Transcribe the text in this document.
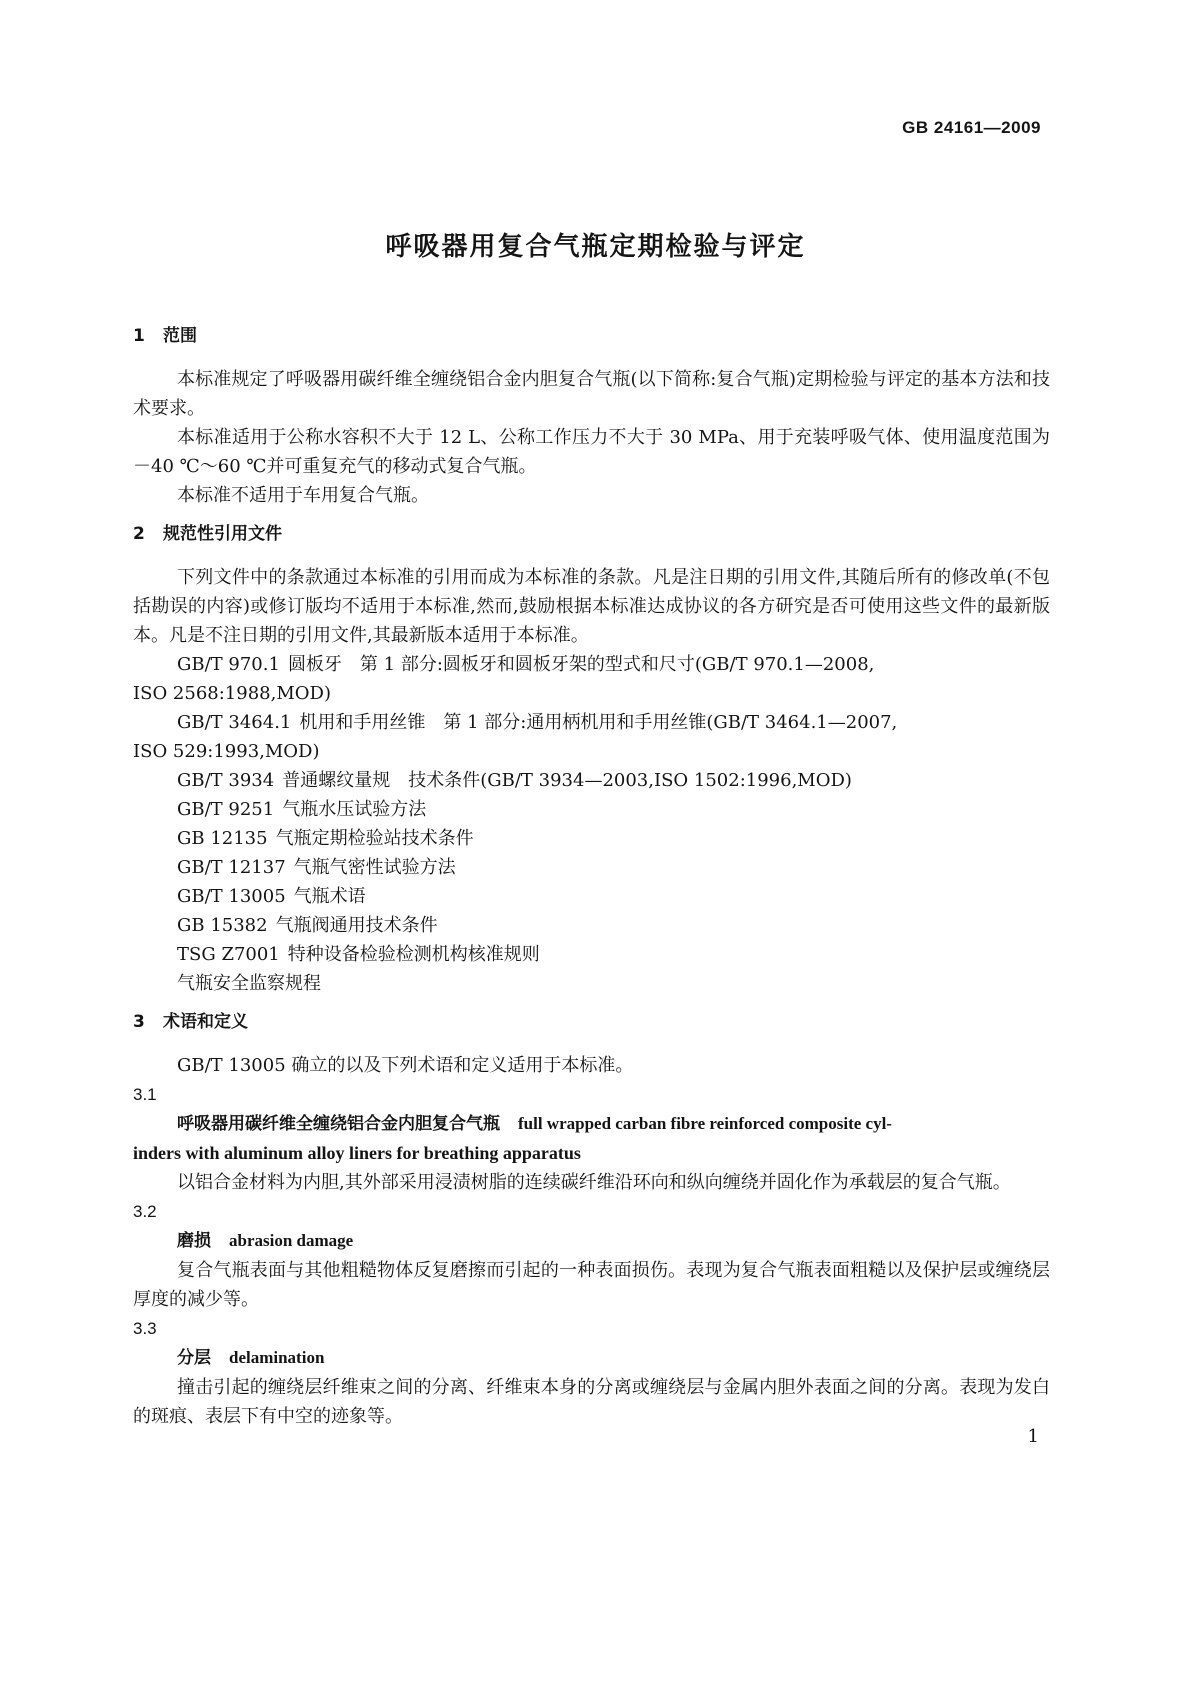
GB 24161—2009
呼吸器用复合气瓶定期检验与评定
1 范围

本标准规定了呼吸器用碳纤维全缠绕铝合金内胆复合气瓶(以下简称:复合气瓶)定期检验与评定的基本方法和技术要求。

本标准适用于公称水容积不大于 12 L、公称工作压力不大于 30 MPa、用于充装呼吸气体、使用温度范围为－40 ℃～60 ℃并可重复充气的移动式复合气瓶。

本标准不适用于车用复合气瓶。

2 规范性引用文件

下列文件中的条款通过本标准的引用而成为本标准的条款。凡是注日期的引用文件,其随后所有的修改单(不包括勘误的内容)或修订版均不适用于本标准,然而,鼓励根据本标准达成协议的各方研究是否可使用这些文件的最新版本。凡是不注日期的引用文件,其最新版本适用于本标准。

GB/T 970.1 圆板牙　第 1 部分:圆板牙和圆板牙架的型式和尺寸(GB/T 970.1—2008,

ISO 2568:1988,MOD)

GB/T 3464.1 机用和手用丝锥　第 1 部分:通用柄机用和手用丝锥(GB/T 3464.1—2007,

ISO 529:1993,MOD)

GB/T 3934 普通螺纹量规　技术条件(GB/T 3934—2003,ISO 1502:1996,MOD)

GB/T 9251 气瓶水压试验方法

GB 12135 气瓶定期检验站技术条件

GB/T 12137 气瓶气密性试验方法

GB/T 13005 气瓶术语

GB 15382 气瓶阀通用技术条件

TSG Z7001 特种设备检验检测机构核准规则

气瓶安全监察规程

3 术语和定义

GB/T 13005 确立的以及下列术语和定义适用于本标准。

3.1

呼吸器用碳纤维全缠绕铝合金内胆复合气瓶 full wrapped carban fibre reinforced composite cyl-

inders with aluminum alloy liners for breathing apparatus

以铝合金材料为内胆,其外部采用浸渍树脂的连续碳纤维沿环向和纵向缠绕并固化作为承载层的复合气瓶。

3.2

磨损 abrasion damage

复合气瓶表面与其他粗糙物体反复磨擦而引起的一种表面损伤。表现为复合气瓶表面粗糙以及保护层或缠绕层厚度的减少等。

3.3

分层 delamination

撞击引起的缠绕层纤维束之间的分离、纤维束本身的分离或缠绕层与金属内胆外表面之间的分离。表现为发白的斑痕、表层下有中空的迹象等。

1
